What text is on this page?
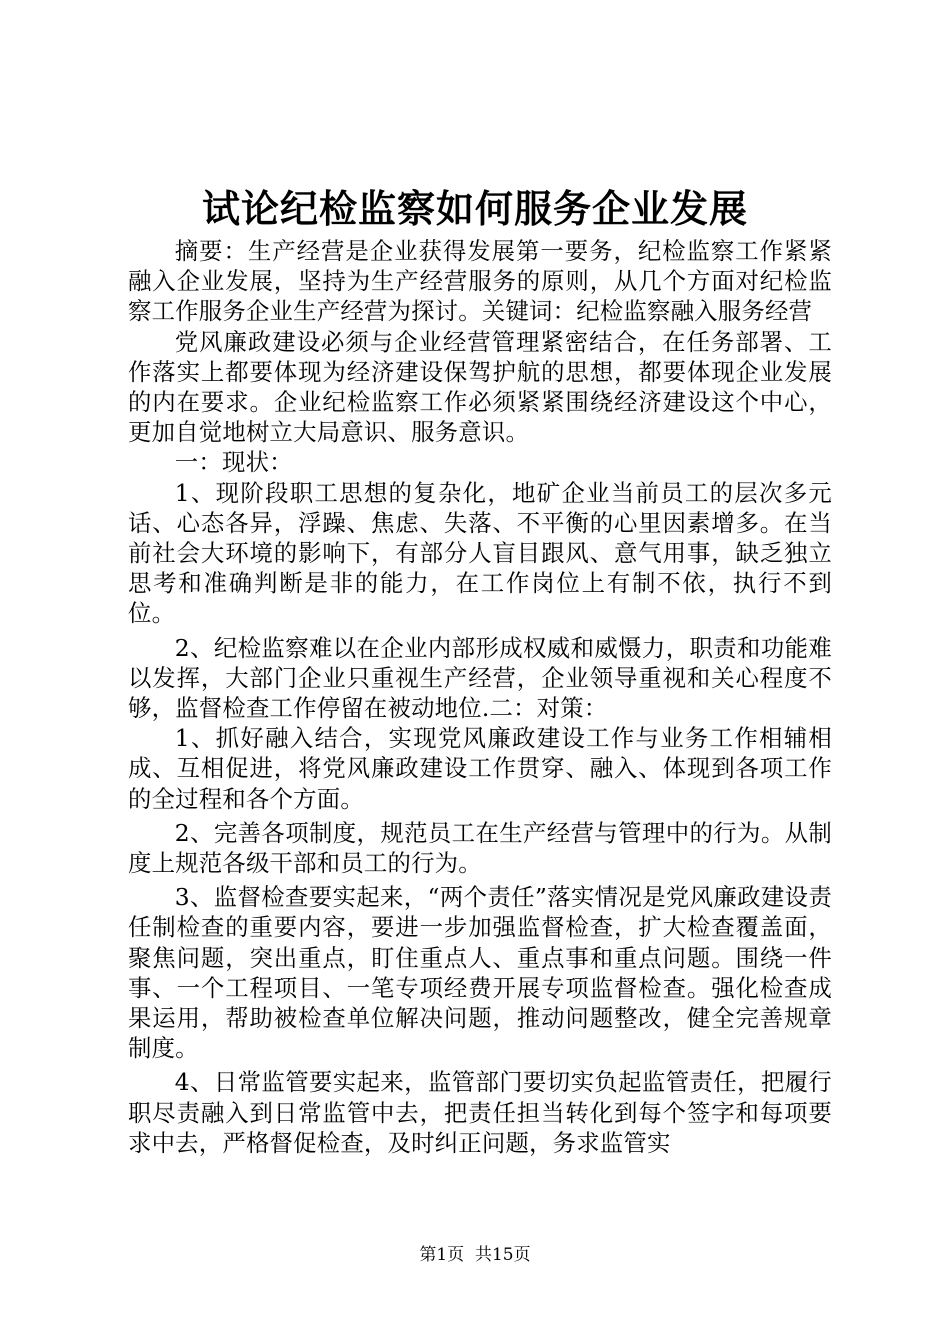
试论纪检监察如何服务企业发展

摘要：生产经营是企业获得发展第一要务，纪检监察工作紧紧融入企业发展，坚持为生产经营服务的原则，从几个方面对纪检监察工作服务企业生产经营为探讨。关键词：纪检监察融入服务经营

党风廉政建设必须与企业经营管理紧密结合，在任务部署、工作落实上都要体现为经济建设保驾护航的思想，都要体现企业发展的内在要求。企业纪检监察工作必须紧紧围绕经济建设这个中心，更加自觉地树立大局意识、服务意识。

一：现状：

1、现阶段职工思想的复杂化，地矿企业当前员工的层次多元话、心态各异，浮躁、焦虑、失落、不平衡的心里因素增多。在当前社会大环境的影响下，有部分人盲目跟风、意气用事，缺乏独立思考和准确判断是非的能力，在工作岗位上有制不依，执行不到位。

2、纪检监察难以在企业内部形成权威和威慑力，职责和功能难以发挥，大部门企业只重视生产经营，企业领导重视和关心程度不够，监督检查工作停留在被动地位.二：对策：

1、抓好融入结合，实现党风廉政建设工作与业务工作相辅相成、互相促进，将党风廉政建设工作贯穿、融入、体现到各项工作的全过程和各个方面。

2、完善各项制度，规范员工在生产经营与管理中的行为。从制度上规范各级干部和员工的行为。

3、监督检查要实起来，“两个责任”落实情况是党风廉政建设责任制检查的重要内容，要进一步加强监督检查，扩大检查覆盖面，聚焦问题，突出重点，盯住重点人、重点事和重点问题。围绕一件事、一个工程项目、一笔专项经费开展专项监督检查。强化检查成果运用，帮助被检查单位解决问题，推动问题整改，健全完善规章制度。

4、日常监管要实起来，监管部门要切实负起监管责任，把履行职尽责融入到日常监管中去，把责任担当转化到每个签字和每项要求中去，严格督促检查，及时纠正问题，务求监管实

第1页  共15页
